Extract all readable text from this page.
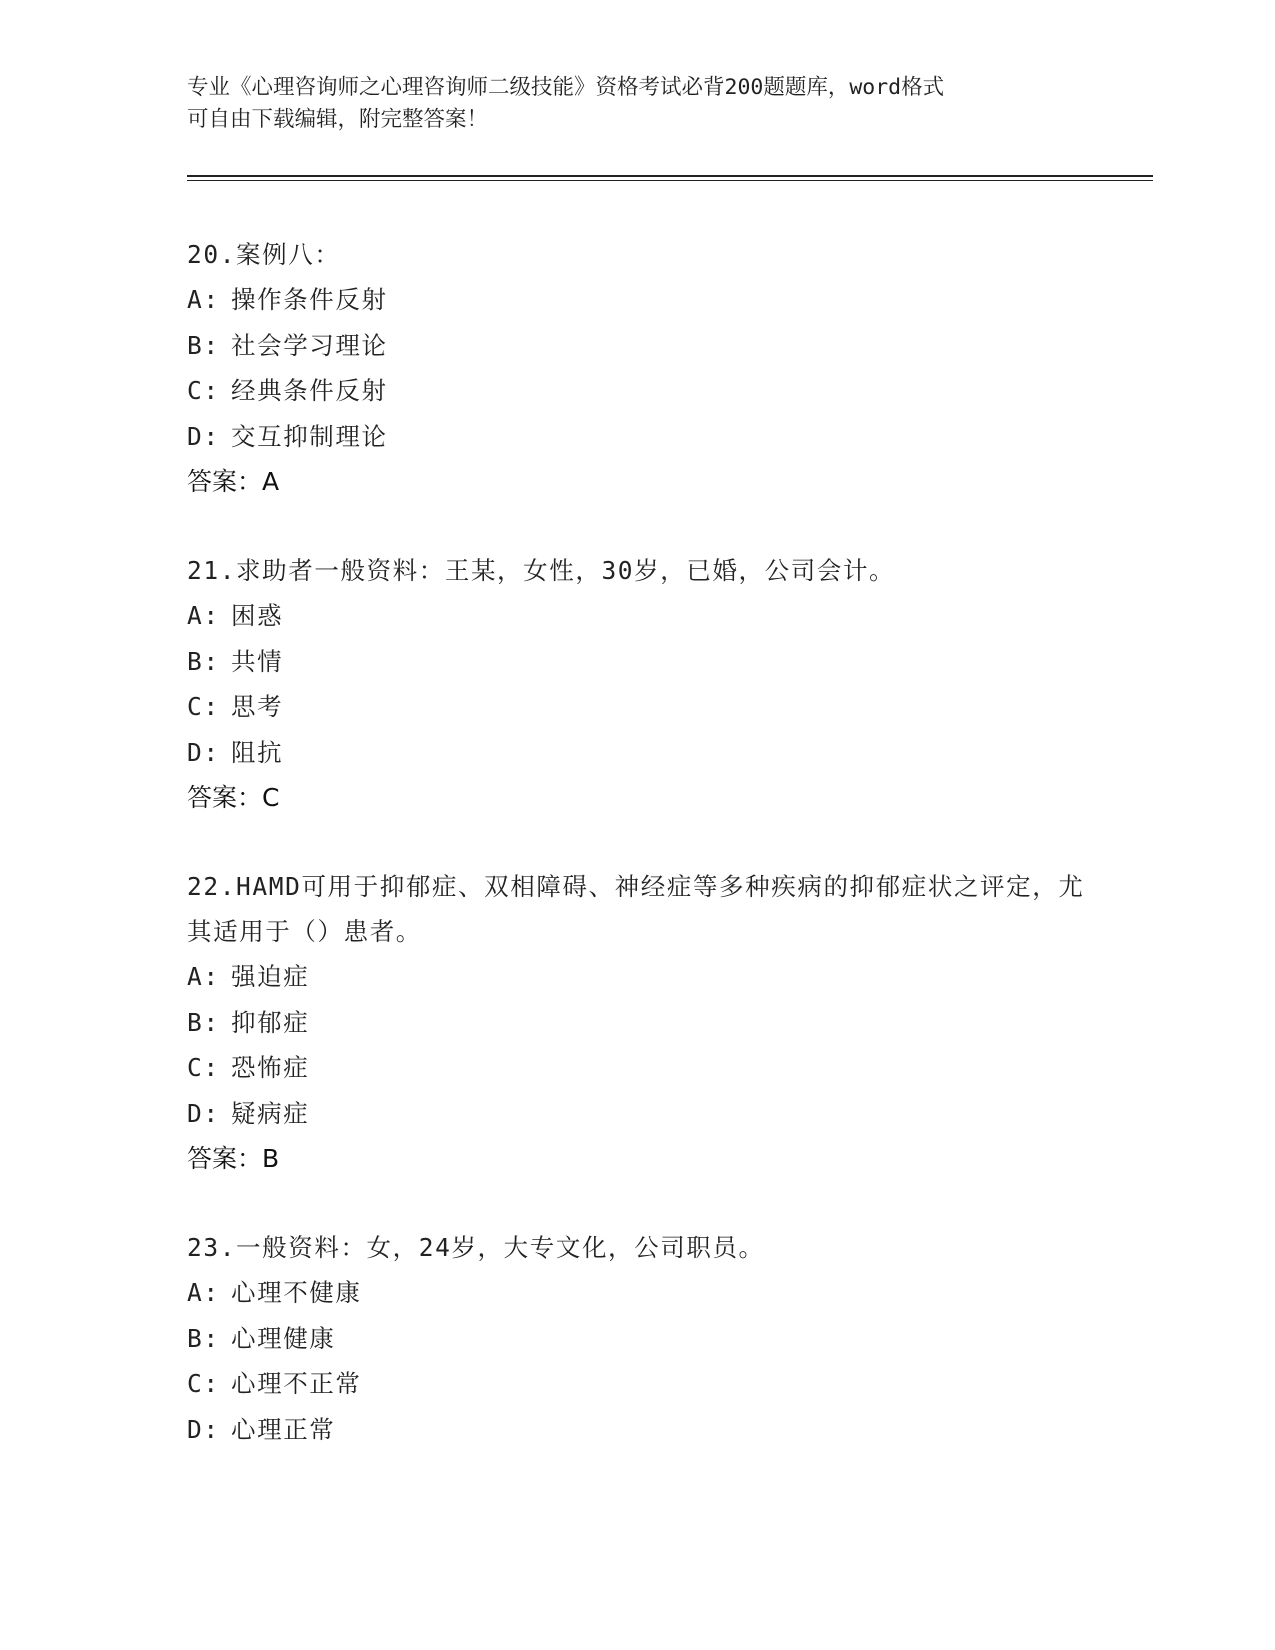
专业《心理咨询师之心理咨询师二级技能》资格考试必背200题题库，word格式
可自由下载编辑，附完整答案！
20.案例八：
A: 操作条件反射
B: 社会学习理论
C: 经典条件反射
D: 交互抑制理论
答案：A
21.求助者一般资料：王某，女性，30岁，已婚，公司会计。
A: 困惑
B: 共情
C: 思考
D: 阻抗
答案：C
22.HAMD可用于抑郁症、双相障碍、神经症等多种疾病的抑郁症状之评定，尤其适用于（）患者。
A: 强迫症
B: 抑郁症
C: 恐怖症
D: 疑病症
答案：B
23.一般资料：女，24岁，大专文化，公司职员。
A: 心理不健康
B: 心理健康
C: 心理不正常
D: 心理正常
